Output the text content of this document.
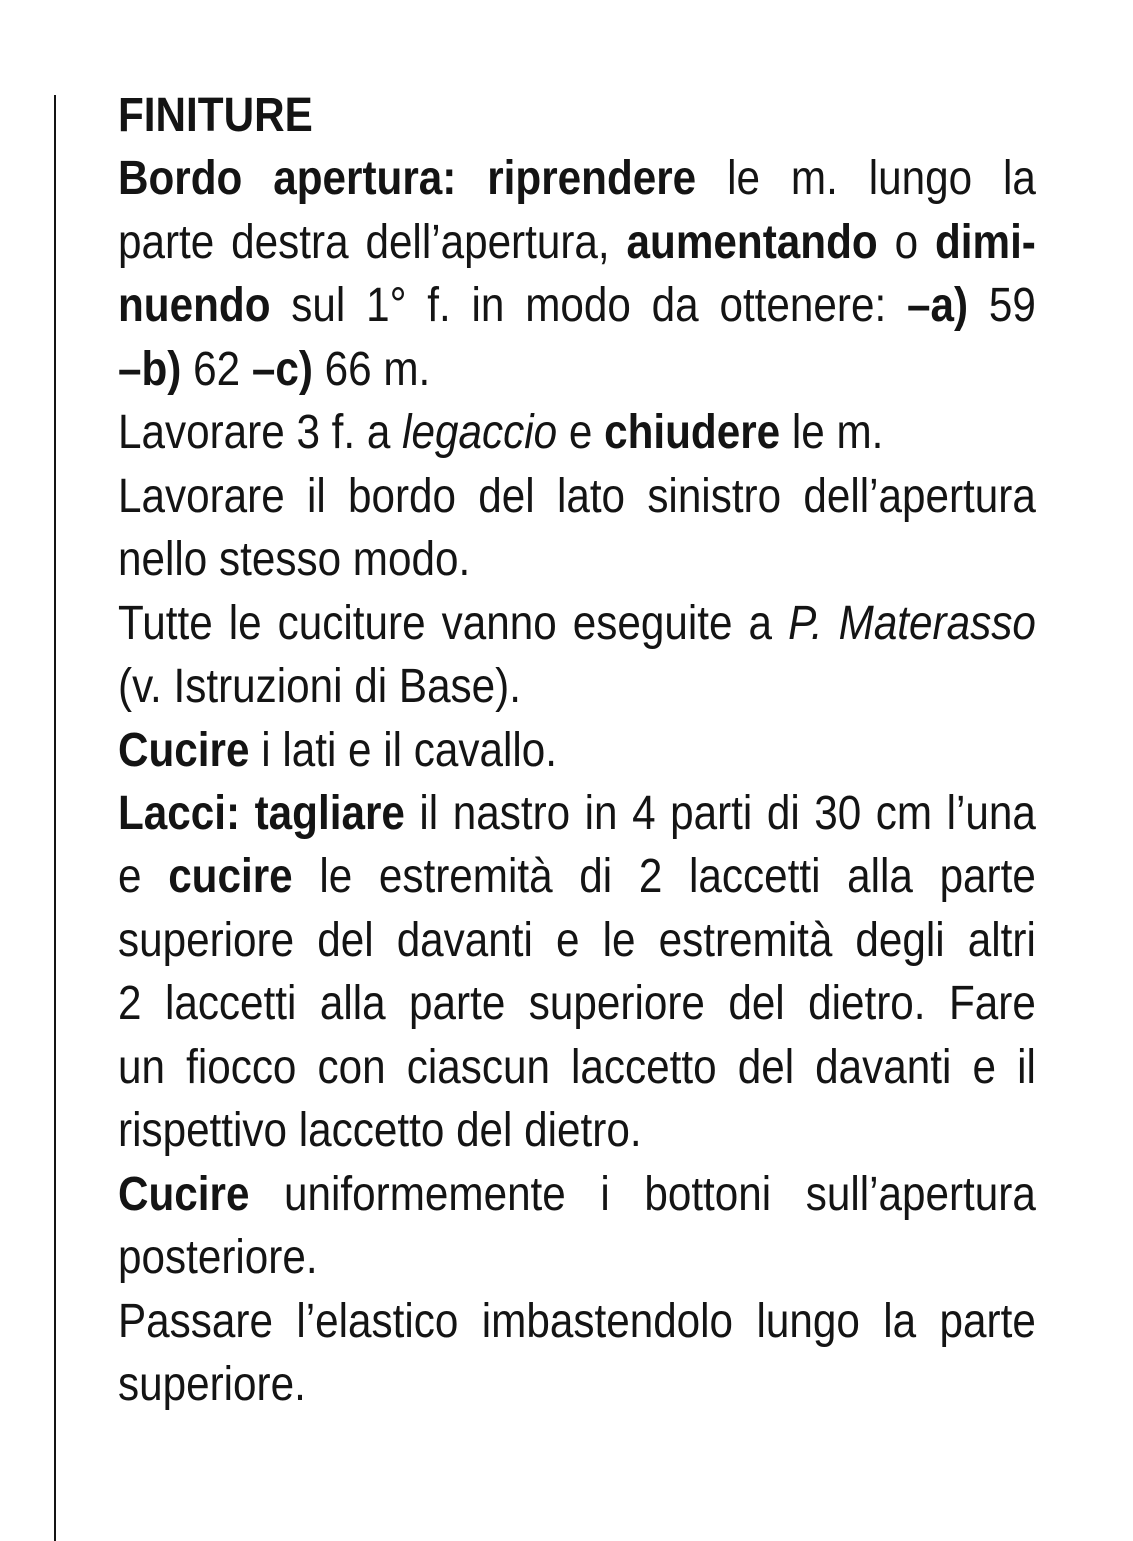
FINITURE
Bordo apertura: riprendere le m. lungo la
parte destra dell’apertura, aumentando o dimi-
nuendo sul 1° f. in modo da ottenere: –a) 59
–b) 62 –c) 66 m.
Lavorare 3 f. a legaccio e chiudere le m.
Lavorare il bordo del lato sinistro dell’apertura
nello stesso modo.
Tutte le cuciture vanno eseguite a P. Materasso
(v. Istruzioni di Base).
Cucire i lati e il cavallo.
Lacci: tagliare il nastro in 4 parti di 30 cm l’una
e cucire le estremità di 2 laccetti alla parte
superiore del davanti e le estremità degli altri
2 laccetti alla parte superiore del dietro. Fare
un fiocco con ciascun laccetto del davanti e il
rispettivo laccetto del dietro.
Cucire uniformemente i bottoni sull’apertura
posteriore.
Passare l’elastico imbastendolo lungo la parte
superiore.
